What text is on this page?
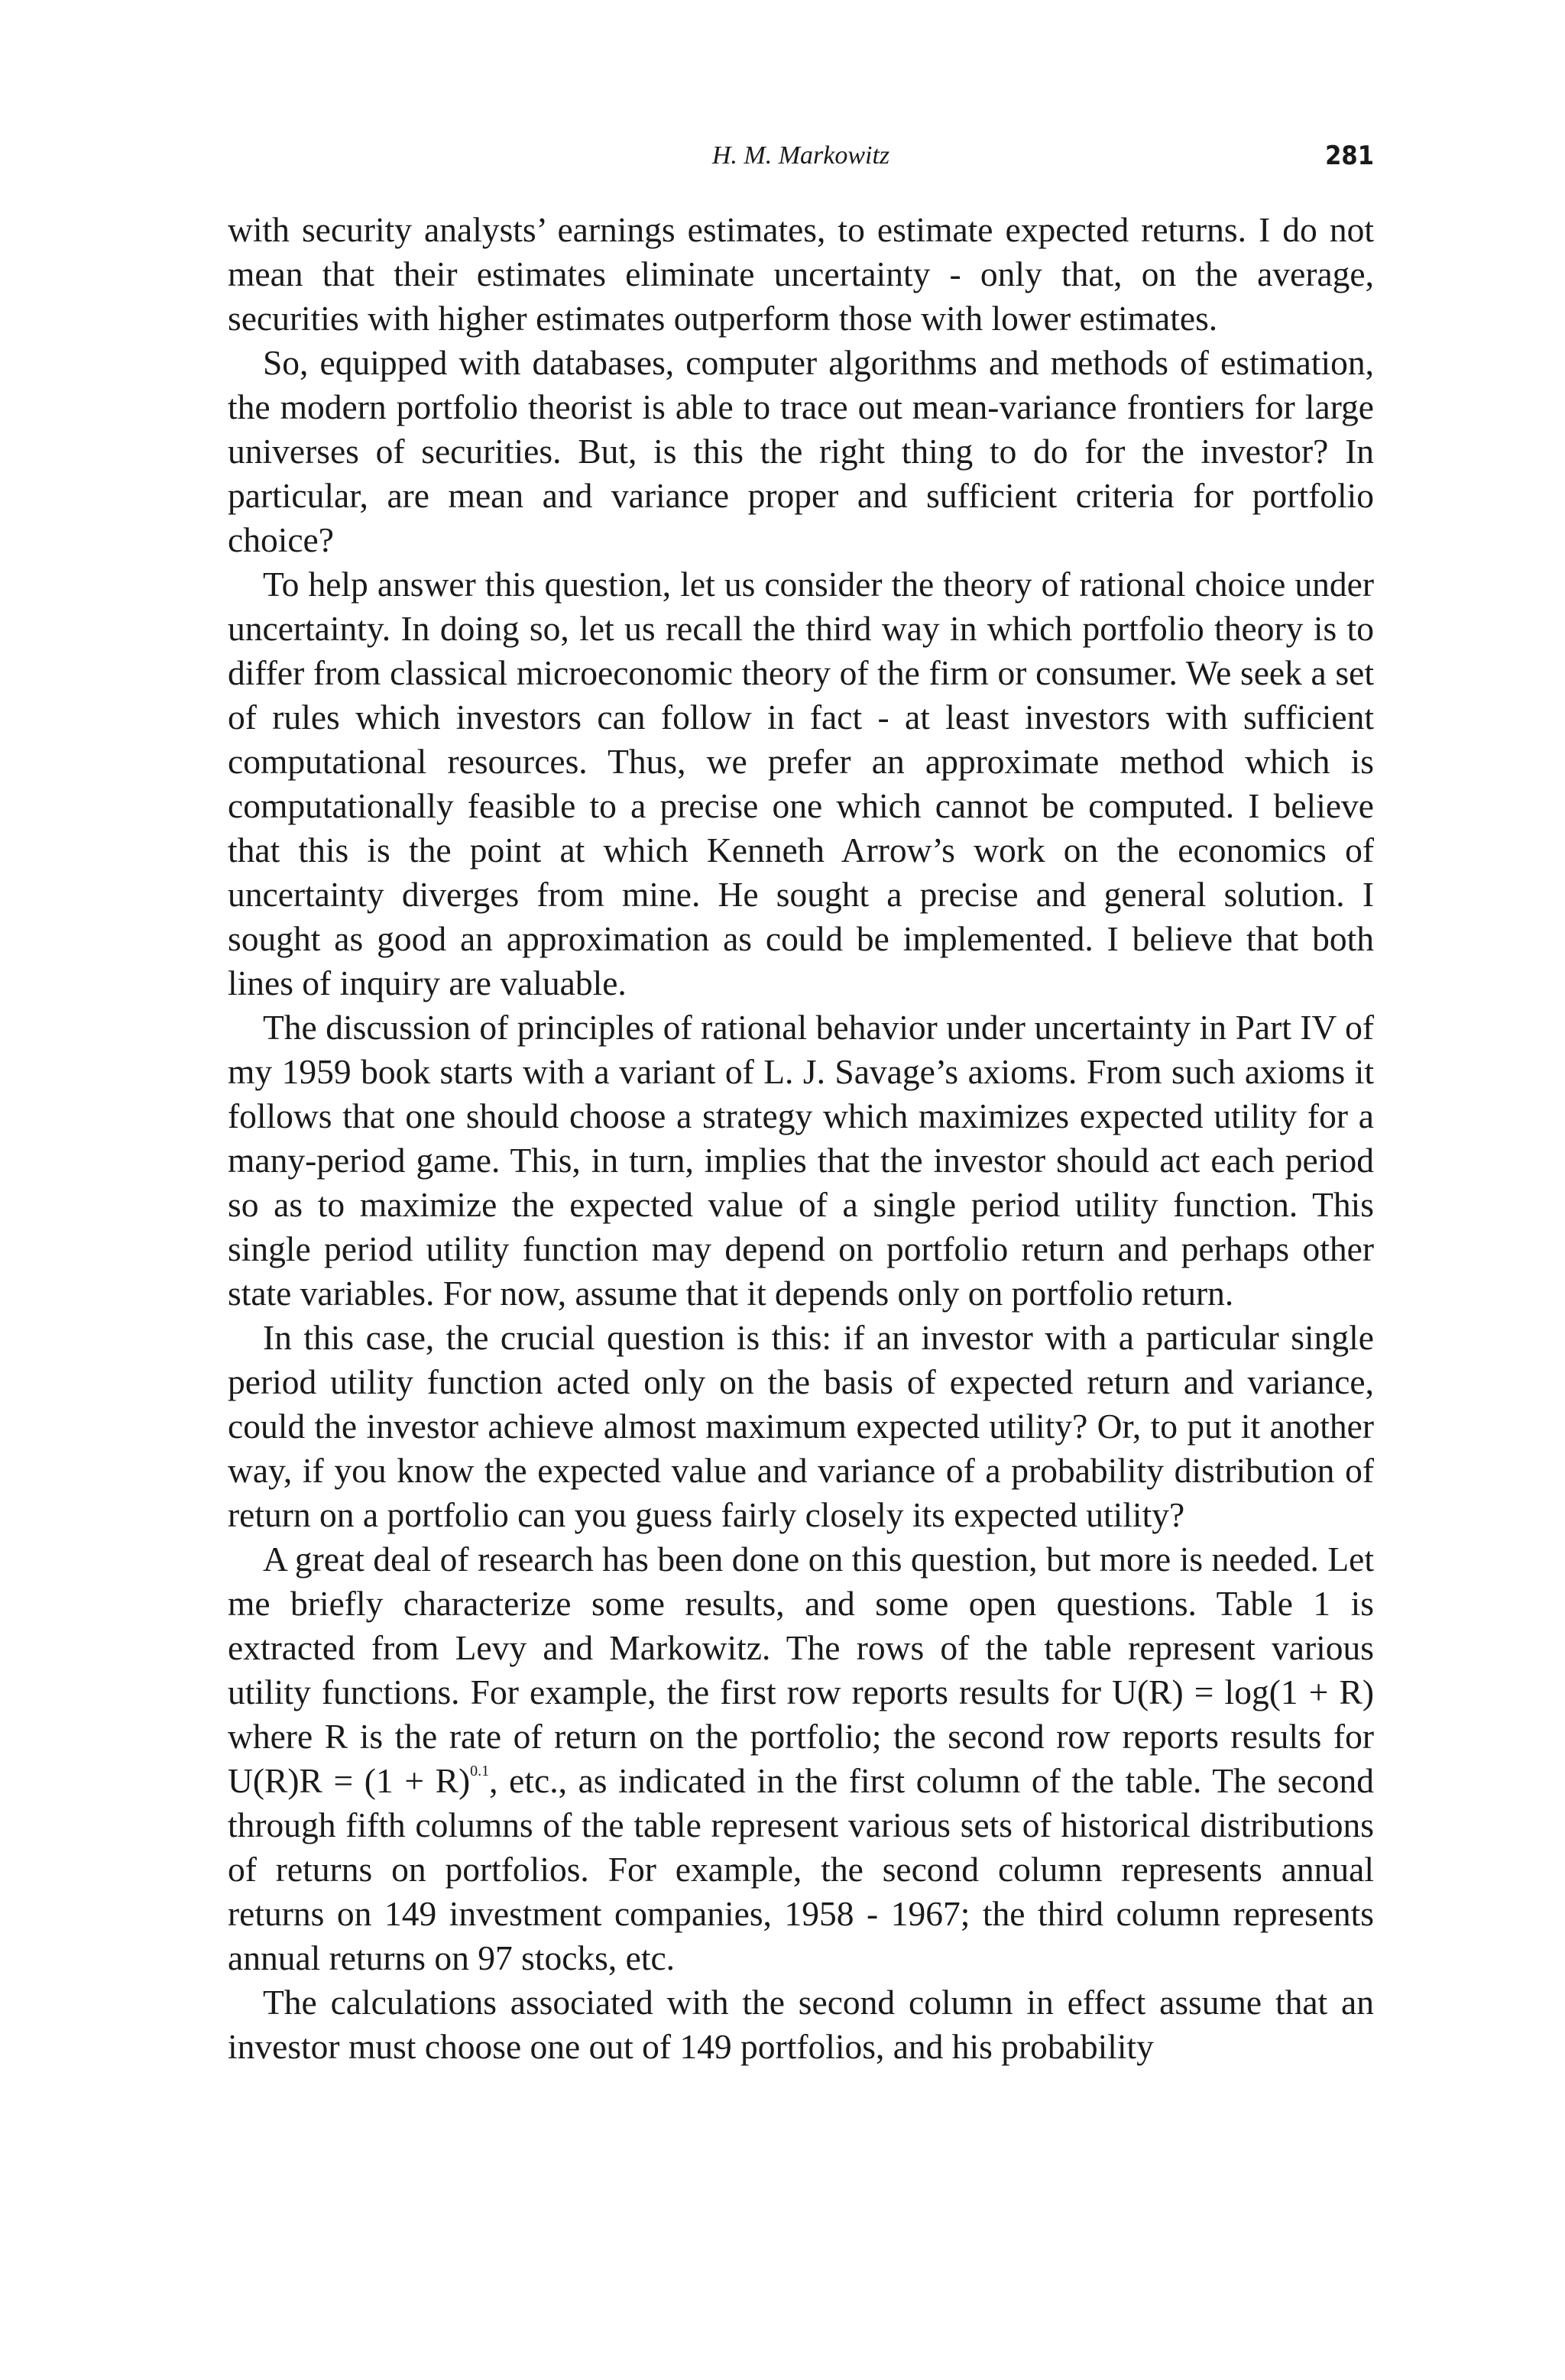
H. M. Markowitz	281

with security analysts’ earnings estimates, to estimate expected returns. I do not mean that their estimates eliminate uncertainty - only that, on the average, securities with higher estimates outperform those with lower estimates.

So, equipped with databases, computer algorithms and methods of estimation, the modern portfolio theorist is able to trace out mean-variance frontiers for large universes of securities. But, is this the right thing to do for the investor? In particular, are mean and variance proper and sufficient criteria for portfolio choice?

To help answer this question, let us consider the theory of rational choice under uncertainty. In doing so, let us recall the third way in which portfolio theory is to differ from classical microeconomic theory of the firm or consumer. We seek a set of rules which investors can follow in fact - at least investors with sufficient computational resources. Thus, we prefer an approximate method which is computationally feasible to a precise one which cannot be computed. I believe that this is the point at which Kenneth Arrow’s work on the economics of uncertainty diverges from mine. He sought a precise and general solution. I sought as good an approximation as could be implemented. I believe that both lines of inquiry are valuable.

The discussion of principles of rational behavior under uncertainty in Part IV of my 1959 book starts with a variant of L. J. Savage’s axioms. From such axioms it follows that one should choose a strategy which maximizes expected utility for a many-period game. This, in turn, implies that the investor should act each period so as to maximize the expected value of a single period utility function. This single period utility function may depend on portfolio return and perhaps other state variables. For now, assume that it depends only on portfolio return.

In this case, the crucial question is this: if an investor with a particular single period utility function acted only on the basis of expected return and variance, could the investor achieve almost maximum expected utility? Or, to put it another way, if you know the expected value and variance of a probability distribution of return on a portfolio can you guess fairly closely its expected utility?

A great deal of research has been done on this question, but more is needed. Let me briefly characterize some results, and some open questions. Table 1 is extracted from Levy and Markowitz. The rows of the table represent various utility functions. For example, the first row reports results for U(R) = log(1 + R) where R is the rate of return on the portfolio; the second row reports results for $U(R)R = (1 + R)^{0.1}$, etc., as indicated in the first column of the table. The second through fifth columns of the table represent various sets of historical distributions of returns on portfolios. For example, the second column represents annual returns on 149 investment companies, 1958 - 1967; the third column represents annual returns on 97 stocks, etc.

The calculations associated with the second column in effect assume that an investor must choose one out of 149 portfolios, and his probability
